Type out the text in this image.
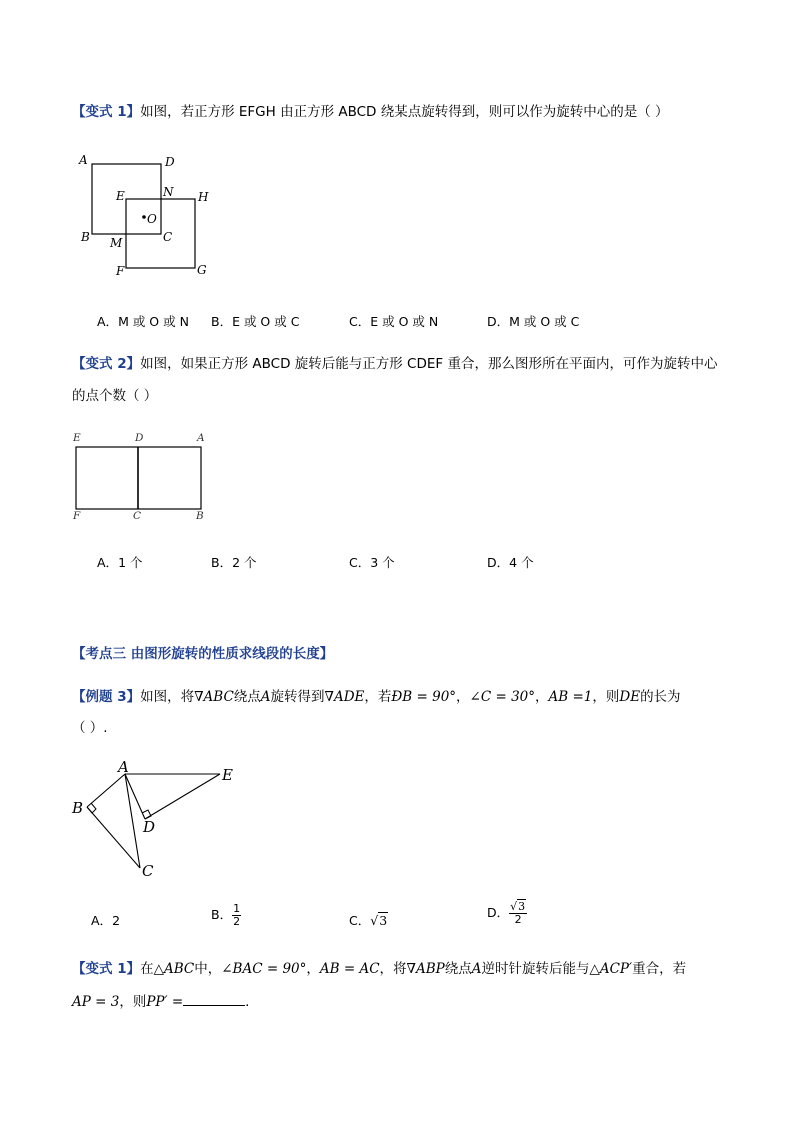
【变式 1】如图，若正方形 EFGH 由正方形 ABCD 绕某点旋转得到，则可以作为旋转中心的是（ ）
A	D
E	N H
O
B M	C
F	G
A．M 或 O 或 N B．E 或 O 或 C	C．E 或 O 或 N	D．M 或 O 或 C
【变式 2】如图，如果正方形 ABCD 旋转后能与正方形 CDEF 重合，那么图形所在平面内，可作为旋转中心
的点个数（ ）
E	D	A
F	C	B
A．1 个	B．2 个	C．3 个	D．4 个
【考点三 由图形旋转的性质求线段的长度】
【例题 3】如图，将∇ABC绕点A旋转得到∇ADE，若ÐB = 90°，∠C = 30°，AB =1，则DE的长为
（ ）.
A	E
B
D
C
A．2	B． $\frac{1}{2}$	C．√3
D． $\frac{√3}{2}$
【变式 1】在△ABC中，∠BAC = 90°，AB = AC，将∇ABP绕点A逆时针旋转后能与△ACP′重合，若
AP = 3，则PP′ =	.
